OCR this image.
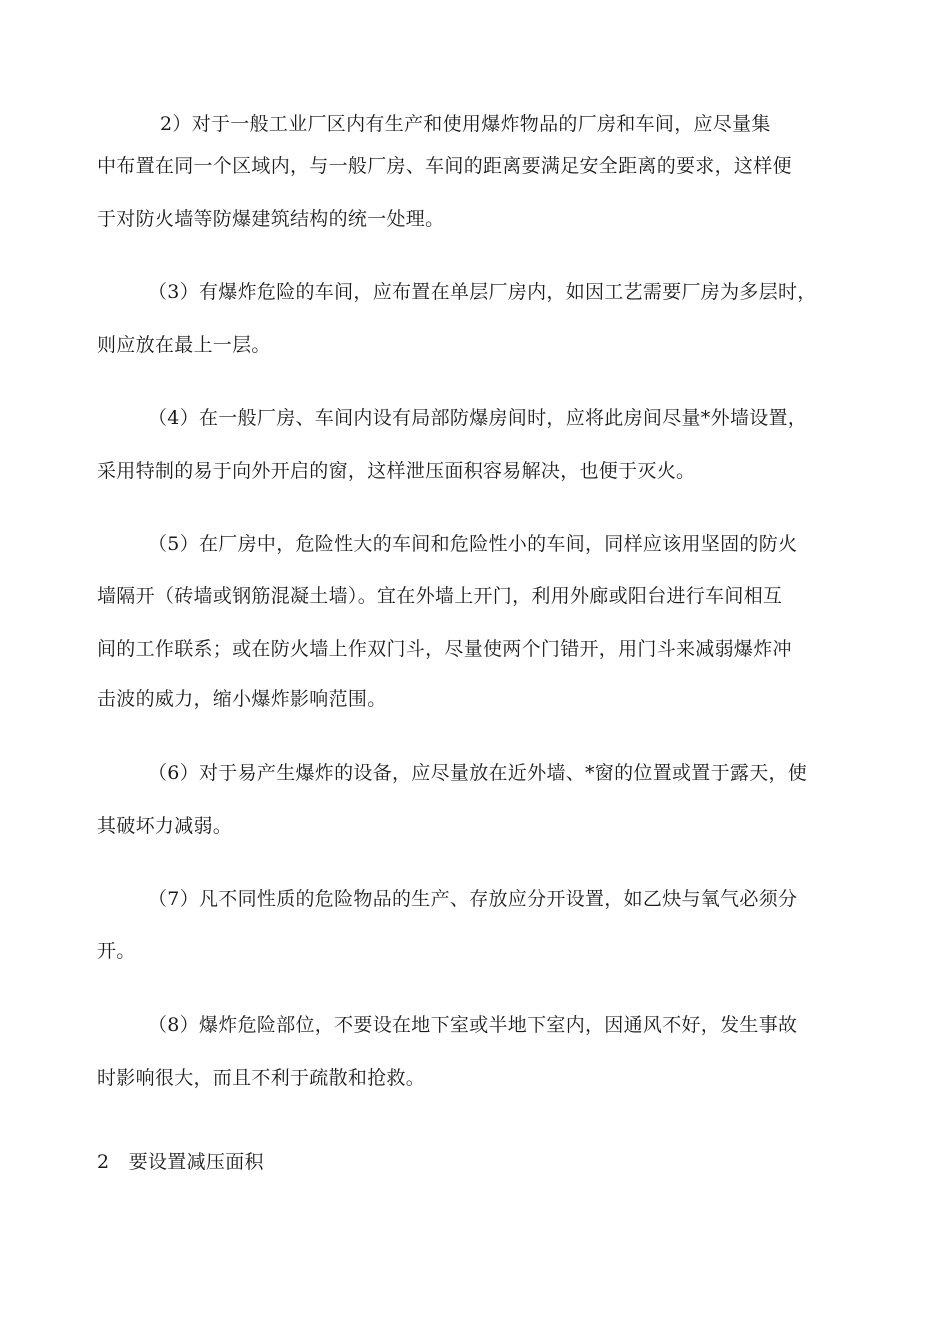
2）对于一般工业厂区内有生产和使用爆炸物品的厂房和车间，应尽量集
中布置在同一个区域内，与一般厂房、车间的距离要满足安全距离的要求，这样便
于对防火墙等防爆建筑结构的统一处理。
（3）有爆炸危险的车间，应布置在单层厂房内，如因工艺需要厂房为多层时，
则应放在最上一层。
（4）在一般厂房、车间内设有局部防爆房间时，应将此房间尽量*外墙设置，
采用特制的易于向外开启的窗，这样泄压面积容易解决，也便于灭火。
（5）在厂房中，危险性大的车间和危险性小的车间，同样应该用坚固的防火
墙隔开（砖墙或钢筋混凝土墙）。宜在外墙上开门，利用外廊或阳台进行车间相互
间的工作联系；或在防火墙上作双门斗，尽量使两个门错开，用门斗来减弱爆炸冲
击波的威力，缩小爆炸影响范围。
（6）对于易产生爆炸的设备，应尽量放在近外墙、*窗的位置或置于露天，使
其破坏力减弱。
（7）凡不同性质的危险物品的生产、存放应分开设置，如乙炔与氧气必须分
开。
（8）爆炸危险部位，不要设在地下室或半地下室内，因通风不好，发生事故
时影响很大，而且不利于疏散和抢救。
2　要设置减压面积
